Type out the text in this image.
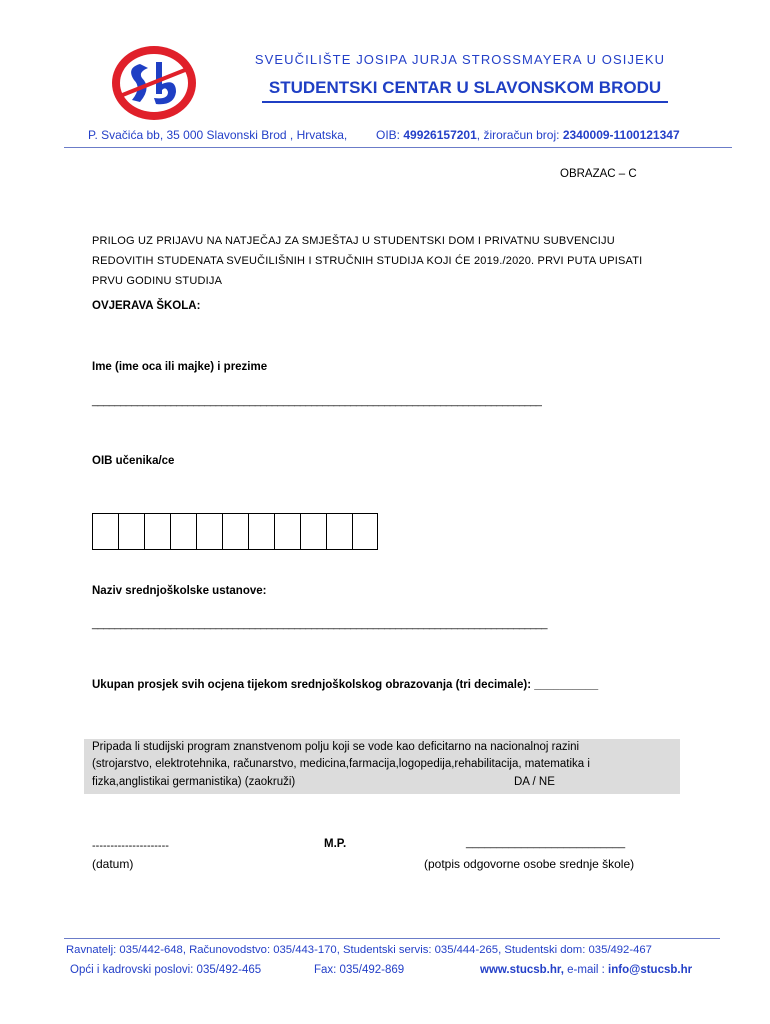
SVEUČILIŠTE JOSIPA JURJA STROSSMAYERA U OSIJEKU
STUDENTSKI CENTAR U SLAVONSKOM BRODU
P. Svačića bb, 35 000 Slavonski Brod , Hrvatska, OIB: 49926157201, žiroračun broj: 2340009-1100121347
OBRAZAC – C
PRILOG UZ PRIJAVU NA NATJEČAJ ZA SMJEŠTAJ U STUDENTSKI DOM I PRIVATNU SUBVENCIJU
REDOVITIH STUDENATA SVEUČILIŠNIH I STRUČNIH STUDIJA KOJI ĆE 2019./2020. PRVI PUTA UPISATI
PRVU GODINU STUDIJA
OVJERAVA ŠKOLA:
Ime (ime oca ili majke) i prezime
________________________________________________________________________________
OIB učenika/ce
Naziv srednjoškolske ustanove:
_________________________________________________________________________________
Ukupan prosjek svih ocjena tijekom srednjoškolskog obrazovanja (tri decimale): __________
Pripada li studijski program znanstvenom polju koji se vode kao deficitarno na nacionalnoj razini
(strojarstvo, elektrotehnika, računarstvo, medicina,farmacija,logopedija,rehabilitacija, matematika i
fizka,anglistikai germanistika) (zaokruži)	DA / NE
---------------------
(datum)
M.P.	__________________________
(potpis odgovorne osobe srednje škole)
Ravnatelj: 035/442-648, Računovodstvo: 035/443-170, Studentski servis: 035/444-265, Studentski dom: 035/492-467
Opći i kadrovski poslovi: 035/492-465	Fax: 035/492-869	www.stucsb.hr, e-mail : info@stucsb.hr
